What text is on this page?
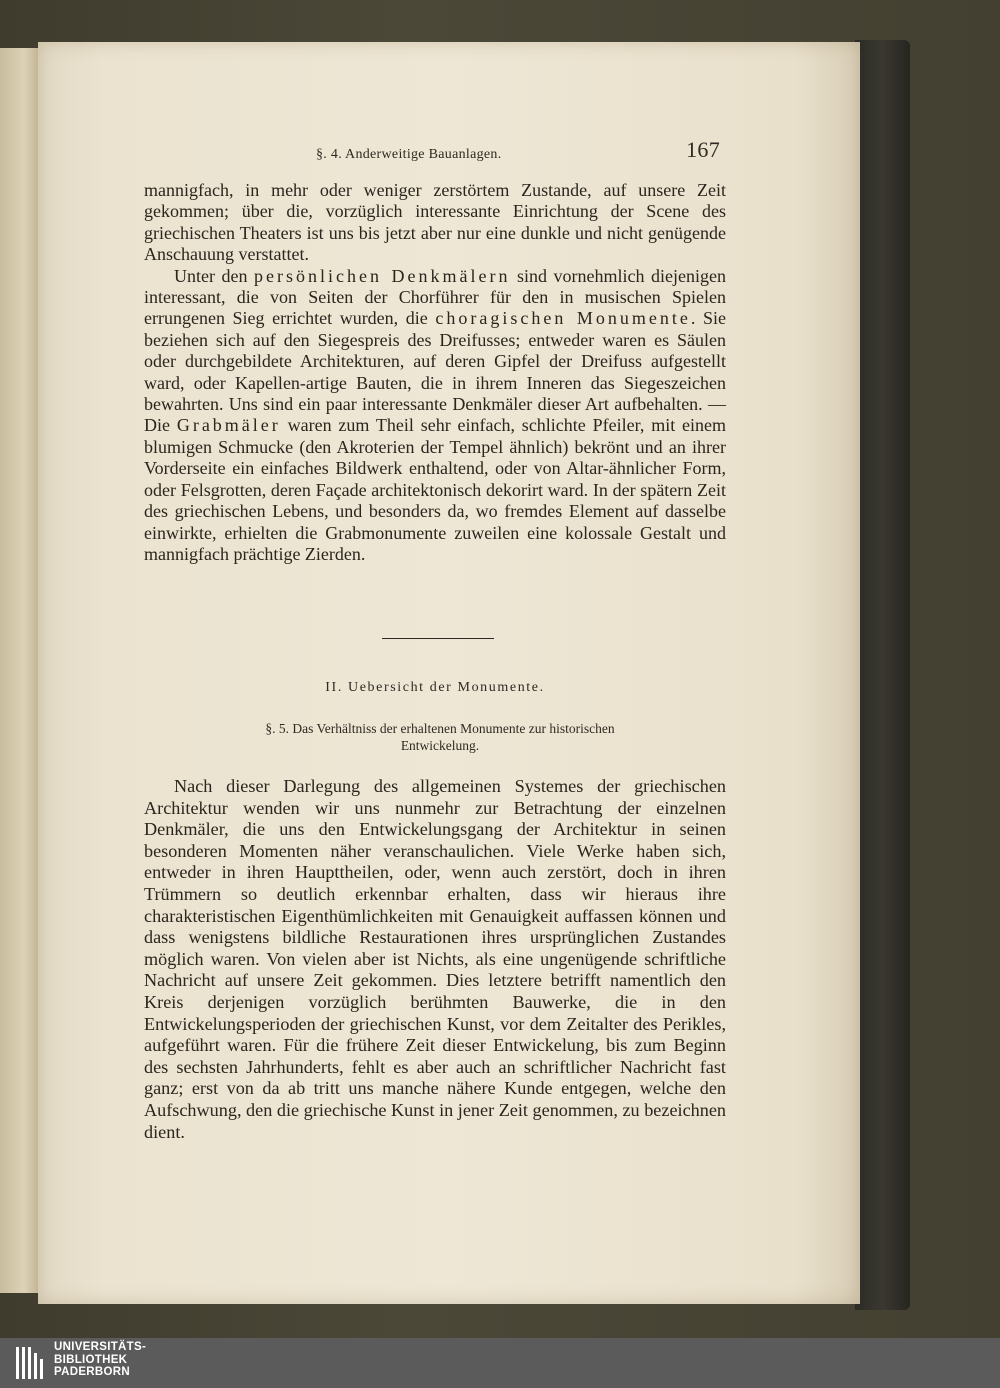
§. 4. Anderweitige Bauanlagen.	167

mannigfach, in mehr oder weniger zerstörtem Zustande, auf unsere Zeit gekommen; über die, vorzüglich interessante Einrichtung der Scene des griechischen Theaters ist uns bis jetzt aber nur eine dunkle und nicht genügende Anschauung verstattet.

Unter den persönlichen Denkmälern sind vornehmlich diejenigen interessant, die von Seiten der Chorführer für den in musischen Spielen errungenen Sieg errichtet wurden, die choragischen Monumente. Sie beziehen sich auf den Siegespreis des Dreifusses; entweder waren es Säulen oder durchgebildete Architekturen, auf deren Gipfel der Dreifuss aufgestellt ward, oder Kapellen-artige Bauten, die in ihrem Inneren das Siegeszeichen bewahrten. Uns sind ein paar interessante Denkmäler dieser Art aufbehalten. — Die Grabmäler waren zum Theil sehr einfach, schlichte Pfeiler, mit einem blumigen Schmucke (den Akroterien der Tempel ähnlich) bekrönt und an ihrer Vorderseite ein einfaches Bildwerk enthaltend, oder von Altar-ähnlicher Form, oder Felsgrotten, deren Façade architektonisch dekorirt ward. In der spätern Zeit des griechischen Lebens, und besonders da, wo fremdes Element auf dasselbe einwirkte, erhielten die Grabmonumente zuweilen eine kolossale Gestalt und mannigfach prächtige Zierden.

II. Uebersicht der Monumente.
§. 5. Das Verhältniss der erhaltenen Monumente zur historischen
Entwickelung.

Nach dieser Darlegung des allgemeinen Systemes der griechischen Architektur wenden wir uns nunmehr zur Betrachtung der einzelnen Denkmäler, die uns den Entwickelungsgang der Architektur in seinen besonderen Momenten näher veranschaulichen. Viele Werke haben sich, entweder in ihren Haupttheilen, oder, wenn auch zerstört, doch in ihren Trümmern so deutlich erkennbar erhalten, dass wir hieraus ihre charakteristischen Eigenthümlichkeiten mit Genauigkeit auffassen können und dass wenigstens bildliche Restaurationen ihres ursprünglichen Zustandes möglich waren. Von vielen aber ist Nichts, als eine ungenügende schriftliche Nachricht auf unsere Zeit gekommen. Dies letztere betrifft namentlich den Kreis derjenigen vorzüglich berühmten Bauwerke, die in den Entwickelungsperioden der griechischen Kunst, vor dem Zeitalter des Perikles, aufgeführt waren. Für die frühere Zeit dieser Entwickelung, bis zum Beginn des sechsten Jahrhunderts, fehlt es aber auch an schriftlicher Nachricht fast ganz; erst von da ab tritt uns manche nähere Kunde entgegen, welche den Aufschwung, den die griechische Kunst in jener Zeit genommen, zu bezeichnen dient.

UNIVERSITÄTS-
BIBLIOTHEK
PADERBORN
